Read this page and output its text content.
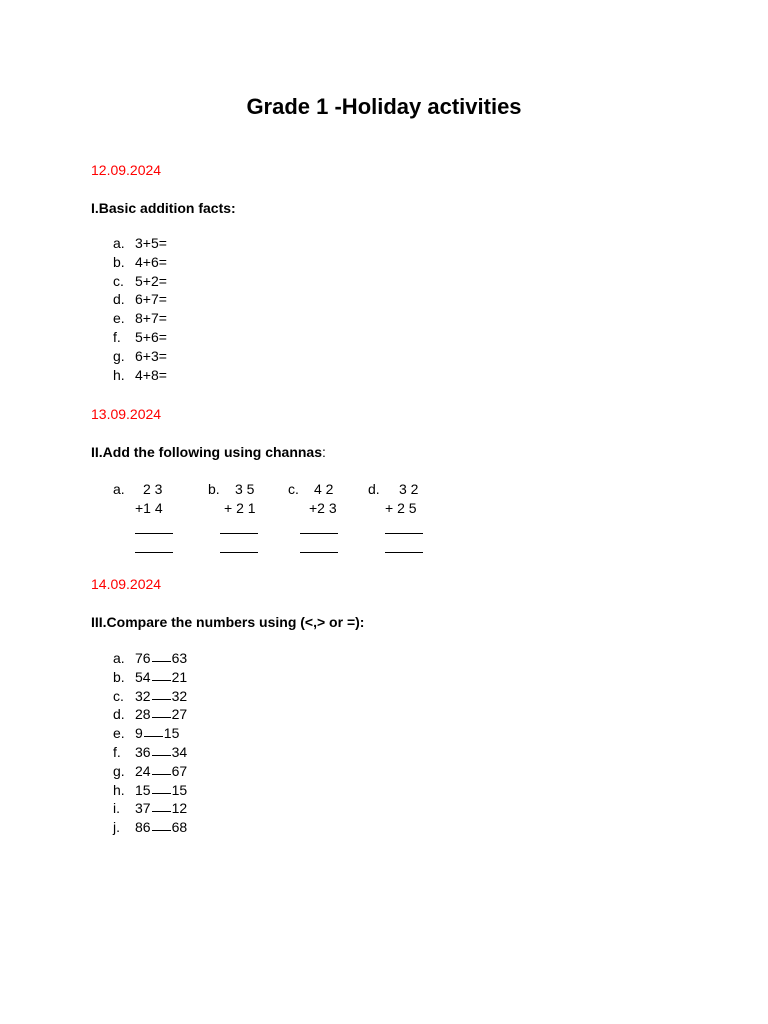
Grade 1 -Holiday activities
12.09.2024
I.Basic addition facts:
a. 3+5=
b. 4+6=
c. 5+2=
d. 6+7=
e. 8+7=
f.	5+6=
g. 6+3=
h. 4+8=
13.09.2024
II.Add the following using channas:
a. 2 3
+1 4
b. 3 5
+ 2 1
c. 4 2
+2 3
d. 3 2
+ 2 5
14.09.2024
III.Compare the numbers using (<,> or =):
a. 76 63
b. 54 21
c. 32 32
d. 28 27
e. 9 15
f.	36 34
g. 24 67
h. 15 15
i.	37 12
j.	86 68
